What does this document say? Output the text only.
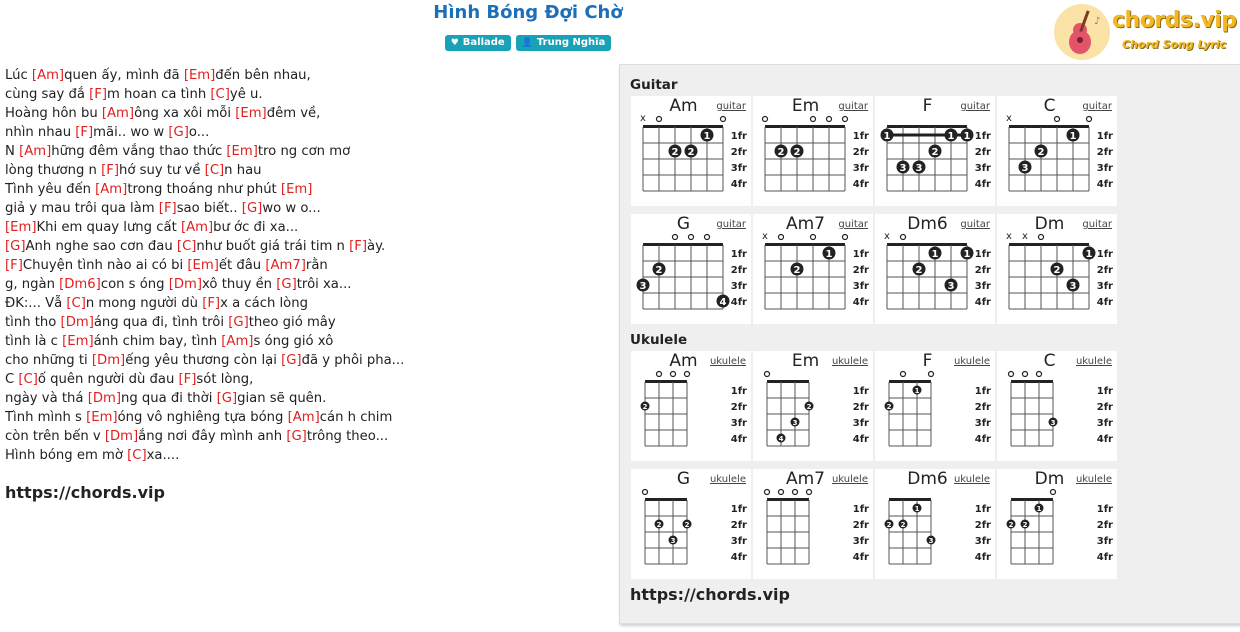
Hình Bóng Đợi Chờ
♥ Ballade 👤 Trung Nghĩa
♪ chords.vip
Chord Song Lyric
Lúc [Am]quen ấy, mình đã [Em]đến bên nhau,
cùng say đắ [F]m hoan ca tình [C]yê u.
Hoàng hôn bu [Am]ông xa xôi mỗi [Em]đêm về,
nhìn nhau [F]mãi.. wo w [G]o...
N [Am]hững đêm vắng thao thức [Em]tro ng cơn mơ
lòng thương n [F]hớ suy tư về [C]n hau
Tình yêu đến [Am]trong thoáng như phút [Em]
giả y mau trôi qua làm [F]sao biết.. [G]wo w o...
[Em]Khi em quay lưng cất [Am]bư ớc đi xa...
[G]Anh nghe sao cơn đau [C]như buốt giá trái tim n [F]ày.
[F]Chuyện tình nào ai có bi [Em]ết đâu [Am7]rằn
g, ngàn [Dm6]con s óng [Dm]xô thuy ền [G]trôi xa...
ĐK:... Vẫ [C]n mong người dù [F]x a cách lòng
tình tho [Dm]áng qua đi, tình trôi [G]theo gió mây
tình là c [Em]ánh chim bay, tình [Am]s óng gió xô
cho những ti [Dm]ếng yêu thương còn lại [G]đã y phôi pha...
C [C]ố quên người dù đau [F]sót lòng,
ngày và thá [Dm]ng qua đi thời [G]gian sẽ quên.
Tình mình s [Em]óng vô nghiêng tựa bóng [Am]cán h chim
còn trên bến v [Dm]ắng nơi đây mình anh [G]trông theo...
Hình bóng em mờ [C]xa....
https://chords.vip
Guitar
Am	guitar
1fr
2fr
3fr
4fr
x
2 2
1
Em	guitar
1fr
2fr
3fr
4fr
2 2
F	guitar
1fr
2fr
3fr
4fr
1
3 3
2
1 1
C	guitar
1fr
2fr
3fr
4fr
x
3
2
1
G	guitar
1fr
2fr
3fr
4fr
3
2
4
Am7	guitar
1fr
2fr
3fr
4fr
x
2
1
Dm6	guitar
1fr
2fr
3fr
4fr
x
2
1
3
1
Dm	guitar
1fr
2fr
3fr
4fr
x x
2
3
1
Ukulele
Am	ukulele
1fr
2fr
3fr
4fr
2
Em	ukulele
1fr
2fr
3fr
4fr
4
3
2
F	ukulele
1fr
2fr
3fr
4fr
2
1
C	ukulele
1fr
2fr
3fr
4fr
3
G	ukulele
1fr
2fr
3fr
4fr
2
3
2
Am7 ukulele
1fr
2fr
3fr
4fr
Dm6 ukulele
1fr
2fr
3fr
4fr
2 2
1
3
Dm	ukulele
1fr
2fr
3fr
4fr
2 2
1
https://chords.vip
